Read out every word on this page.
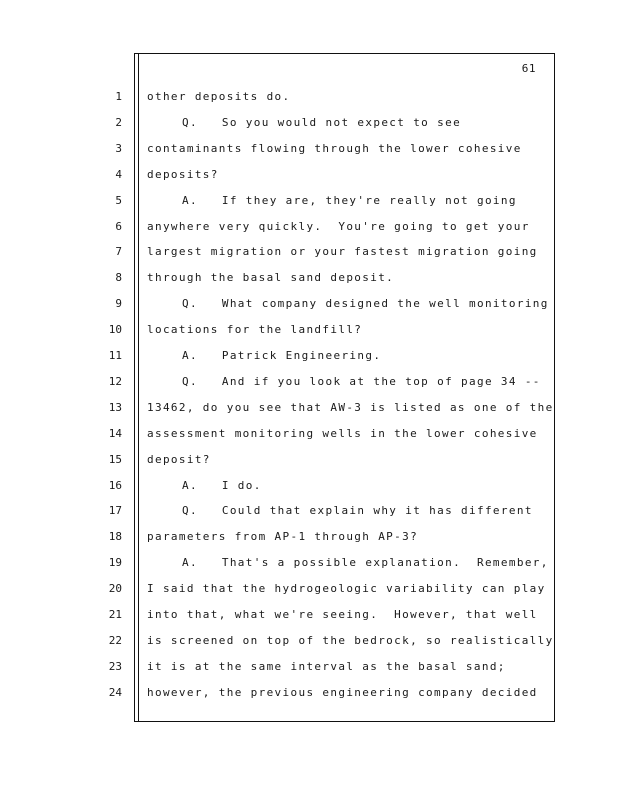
1
2
3
4
5
6
7
8
9
10
11
12
13
14
15
16
17
18
19
20
21
22
23
24
61
other deposits do.
Q.   So you would not expect to see
contaminants flowing through the lower cohesive
deposits?
A.   If they are, they're really not going
anywhere very quickly.  You're going to get your
largest migration or your fastest migration going
through the basal sand deposit.
Q.   What company designed the well monitoring
locations for the landfill?
A.   Patrick Engineering.
Q.   And if you look at the top of page 34 --
13462, do you see that AW-3 is listed as one of the
assessment monitoring wells in the lower cohesive
deposit?
A.   I do.
Q.   Could that explain why it has different
parameters from AP-1 through AP-3?
A.   That's a possible explanation.  Remember,
I said that the hydrogeologic variability can play
into that, what we're seeing.  However, that well
is screened on top of the bedrock, so realistically
it is at the same interval as the basal sand;
however, the previous engineering company decided
